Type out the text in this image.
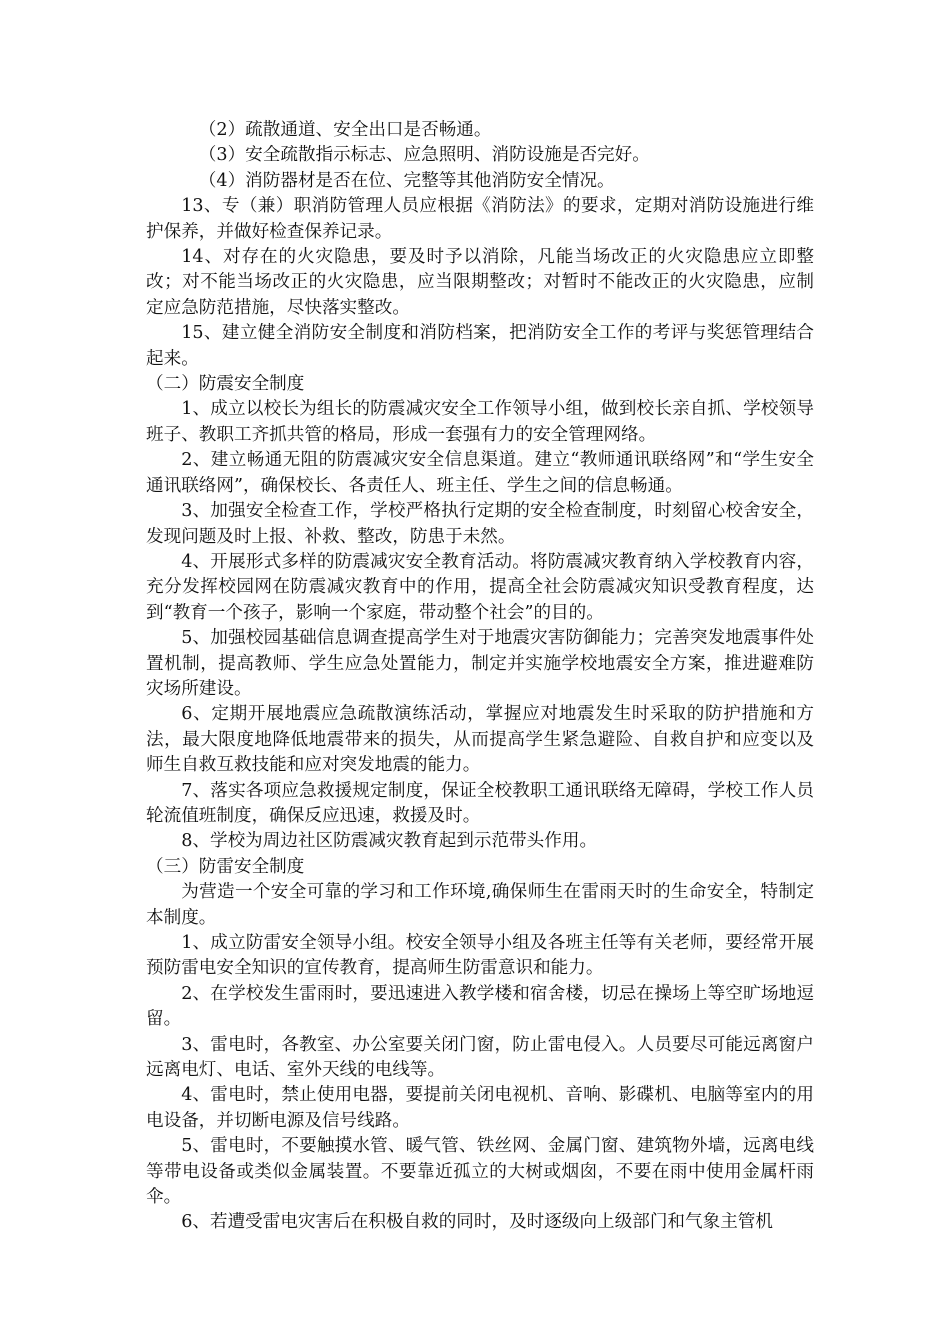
（2）疏散通道、安全出口是否畅通。

（3）安全疏散指示标志、应急照明、消防设施是否完好。

（4）消防器材是否在位、完整等其他消防安全情况。

13、专（兼）职消防管理人员应根据《消防法》的要求，定期对消防设施进行维护保养，并做好检查保养记录。

14、对存在的火灾隐患，要及时予以消除，凡能当场改正的火灾隐患应立即整改；对不能当场改正的火灾隐患，应当限期整改；对暂时不能改正的火灾隐患，应制定应急防范措施，尽快落实整改。

15、建立健全消防安全制度和消防档案，把消防安全工作的考评与奖惩管理结合起来。

（二）防震安全制度

1、成立以校长为组长的防震减灾安全工作领导小组，做到校长亲自抓、学校领导班子、教职工齐抓共管的格局，形成一套强有力的安全管理网络。

2、建立畅通无阻的防震减灾安全信息渠道。建立“教师通讯联络网”和“学生安全通讯联络网”，确保校长、各责任人、班主任、学生之间的信息畅通。

3、加强安全检查工作，学校严格执行定期的安全检查制度，时刻留心校舍安全，发现问题及时上报、补救、整改，防患于未然。

4、开展形式多样的防震减灾安全教育活动。将防震减灾教育纳入学校教育内容，充分发挥校园网在防震减灾教育中的作用，提高全社会防震减灾知识受教育程度，达到“教育一个孩子，影响一个家庭，带动整个社会”的目的。

5、加强校园基础信息调查提高学生对于地震灾害防御能力；完善突发地震事件处置机制，提高教师、学生应急处置能力，制定并实施学校地震安全方案，推进避难防灾场所建设。

6、定期开展地震应急疏散演练活动，掌握应对地震发生时采取的防护措施和方法，最大限度地降低地震带来的损失，从而提高学生紧急避险、自救自护和应变以及师生自救互救技能和应对突发地震的能力。

7、落实各项应急救援规定制度，保证全校教职工通讯联络无障碍，学校工作人员轮流值班制度，确保反应迅速，救援及时。

8、学校为周边社区防震减灾教育起到示范带头作用。

（三）防雷安全制度

为营造一个安全可靠的学习和工作环境,确保师生在雷雨天时的生命安全，特制定本制度。

1、成立防雷安全领导小组。校安全领导小组及各班主任等有关老师，要经常开展预防雷电安全知识的宣传教育，提高师生防雷意识和能力。

2、在学校发生雷雨时，要迅速进入教学楼和宿舍楼，切忌在操场上等空旷场地逗留。

3、雷电时，各教室、办公室要关闭门窗，防止雷电侵入。人员要尽可能远离窗户远离电灯、电话、室外天线的电线等。

4、雷电时，禁止使用电器，要提前关闭电视机、音响、影碟机、电脑等室内的用电设备，并切断电源及信号线路。

5、雷电时，不要触摸水管、暖气管、铁丝网、金属门窗、建筑物外墙，远离电线等带电设备或类似金属装置。不要靠近孤立的大树或烟囱，不要在雨中使用金属杆雨伞。

6、若遭受雷电灾害后在积极自救的同时，及时逐级向上级部门和气象主管机
